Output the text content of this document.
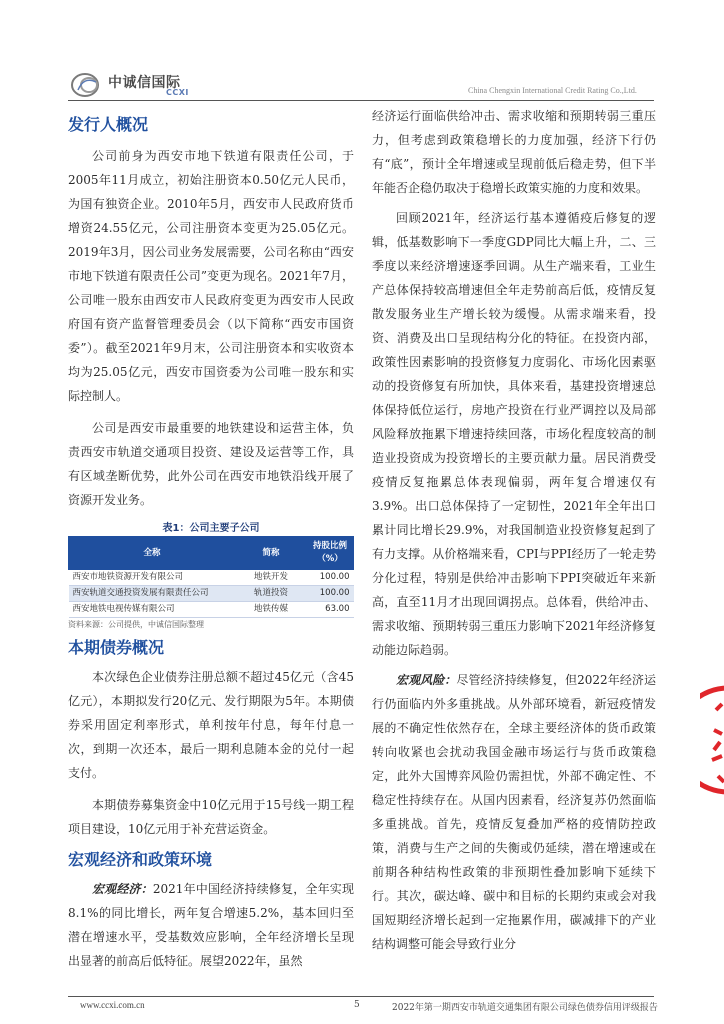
中诚信国际
CCXI	China Chengxin International Credit Rating Co.,Ltd.
发行人概况

公司前身为西安市地下铁道有限责任公司，于2005年11月成立，初始注册资本0.50亿元人民币，为国有独资企业。2010年5月，西安市人民政府货币增资24.55亿元，公司注册资本变更为25.05亿元。2019年3月，因公司业务发展需要，公司名称由“西安市地下铁道有限责任公司”变更为现名。2021年7月，公司唯一股东由西安市人民政府变更为西安市人民政府国有资产监督管理委员会（以下简称“西安市国资委”）。截至2021年9月末，公司注册资本和实收资本均为25.05亿元，西安市国资委为公司唯一股东和实际控制人。

公司是西安市最重要的地铁建设和运营主体，负责西安市轨道交通项目投资、建设及运营等工作，具有区域垄断优势，此外公司在西安市地铁沿线开展了资源开发业务。

表1：公司主要子公司

全称	简称	持股比例（%）
西安市地铁资源开发有限公司	地铁开发	100.00
西安轨道交通投资发展有限责任公司	轨道投资	100.00
西安地铁电视传媒有限公司	地铁传媒	63.00

资料来源：公司提供，中诚信国际整理

本期债券概况

本次绿色企业债券注册总额不超过45亿元（含45亿元），本期拟发行20亿元、发行期限为5年。本期债券采用固定利率形式，单利按年付息，每年付息一次，到期一次还本，最后一期利息随本金的兑付一起支付。

本期债券募集资金中10亿元用于15号线一期工程项目建设，10亿元用于补充营运资金。

宏观经济和政策环境

宏观经济：2021年中国经济持续修复，全年实现8.1%的同比增长，两年复合增速5.2%，基本回归至潜在增速水平，受基数效应影响，全年经济增长呈现出显著的前高后低特征。展望2022年，虽然

经济运行面临供给冲击、需求收缩和预期转弱三重压力，但考虑到政策稳增长的力度加强，经济下行仍有“底”，预计全年增速或呈现前低后稳走势，但下半年能否企稳仍取决于稳增长政策实施的力度和效果。

回顾2021年，经济运行基本遵循疫后修复的逻辑，低基数影响下一季度GDP同比大幅上升，二、三季度以来经济增速逐季回调。从生产端来看，工业生产总体保持较高增速但全年走势前高后低，疫情反复散发服务业生产增长较为缓慢。从需求端来看，投资、消费及出口呈现结构分化的特征。在投资内部，政策性因素影响的投资修复力度弱化、市场化因素驱动的投资修复有所加快，具体来看，基建投资增速总体保持低位运行，房地产投资在行业严调控以及局部风险释放拖累下增速持续回落，市场化程度较高的制造业投资成为投资增长的主要贡献力量。居民消费受疫情反复拖累总体表现偏弱，两年复合增速仅有3.9%。出口总体保持了一定韧性，2021年全年出口累计同比增长29.9%，对我国制造业投资修复起到了有力支撑。从价格端来看，CPI与PPI经历了一轮走势分化过程，特别是供给冲击影响下PPI突破近年来新高，直至11月才出现回调拐点。总体看，供给冲击、需求收缩、预期转弱三重压力影响下2021年经济修复动能边际趋弱。

宏观风险：尽管经济持续修复，但2022年经济运行仍面临内外多重挑战。从外部环境看，新冠疫情发展的不确定性依然存在，全球主要经济体的货币政策转向收紧也会扰动我国金融市场运行与货币政策稳定，此外大国博弈风险仍需担忧，外部不确定性、不稳定性持续存在。从国内因素看，经济复苏仍然面临多重挑战。首先，疫情反复叠加严格的疫情防控政策，消费与生产之间的失衡或仍延续，潜在增速或在前期各种结构性政策的非预期性叠加影响下延续下行。其次，碳达峰、碳中和目标的长期约束或会对我国短期经济增长起到一定拖累作用，碳减排下的产业结构调整可能会导致行业分

www.ccxi.com.cn	5	2022年第一期西安市轨道交通集团有限公司绿色债券信用评级报告
